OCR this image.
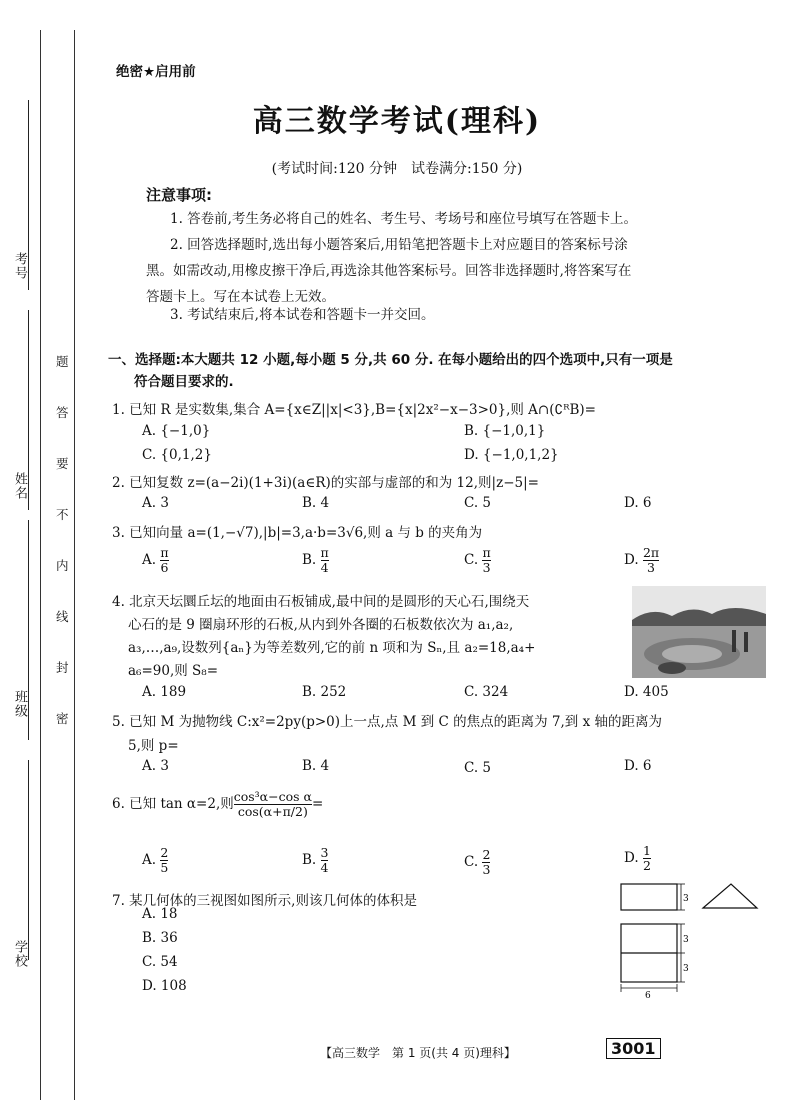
考号
姓名
班级
学校
题
答
要
不
内
线
封
密
绝密★启用前
高三数学考试(理科)
(考试时间:120 分钟　试卷满分:150 分)
注意事项:
1. 答卷前,考生务必将自己的姓名、考生号、考场号和座位号填写在答题卡上。
2. 回答选择题时,选出每小题答案后,用铅笔把答题卡上对应题目的答案标号涂
黑。如需改动,用橡皮擦干净后,再选涂其他答案标号。回答非选择题时,将答案写在
答题卡上。写在本试卷上无效。
3. 考试结束后,将本试卷和答题卡一并交回。
一、选择题:本大题共 12 小题,每小题 5 分,共 60 分. 在每小题给出的四个选项中,只有一项是
符合题目要求的.
1. 已知 R 是实数集,集合 A={x∈Z||x|<3},B={x|2x²−x−3>0},则 A∩(∁ᴿB)=
A. {−1,0}	B. {−1,0,1}
C. {0,1,2}	D. {−1,0,1,2}
2. 已知复数 z=(a−2i)(1+3i)(a∈R)的实部与虚部的和为 12,则|z−5|=
A. 3	B. 4	C. 5	D. 6
3. 已知向量 a=(1,−√7),|b|=3,a·b=3√6,则 a 与 b 的夹角为
A. $\frac{\pi}{6}$	B. $\frac{\pi}{4}$	C. $\frac{\pi}{3}$	D. $\frac{2\pi}{3}$
4. 北京天坛圜丘坛的地面由石板铺成,最中间的是圆形的天心石,围绕天
心石的是 9 圈扇环形的石板,从内到外各圈的石板数依次为 a₁,a₂,
a₃,…,a₉,设数列{aₙ}为等差数列,它的前 n 项和为 Sₙ,且 a₂=18,a₄+
a₆=90,则 S₈=
A. 189	B. 252	C. 324	D. 405
5. 已知 M 为抛物线 C:x²=2py(p>0)上一点,点 M 到 C 的焦点的距离为 7,到 x 轴的距离为
5,则 p=
A. 3	B. 4	C. 5	D. 6
6. 已知 tan α=2,则 $\frac{\text{cos³α−cos α}}{\cos(\alpha+\pi/2)}$ =
A. $\frac{2}{5}$	B. $\frac{3}{4}$	C. $\frac{2}{3}$	D. $\frac{1}{2}$
7. 某几何体的三视图如图所示,则该几何体的体积是
A. 18
B. 36
C. 54
D. 108
3
3
3
6
【高三数学　第 1 页(共 4 页)理科】	3001
